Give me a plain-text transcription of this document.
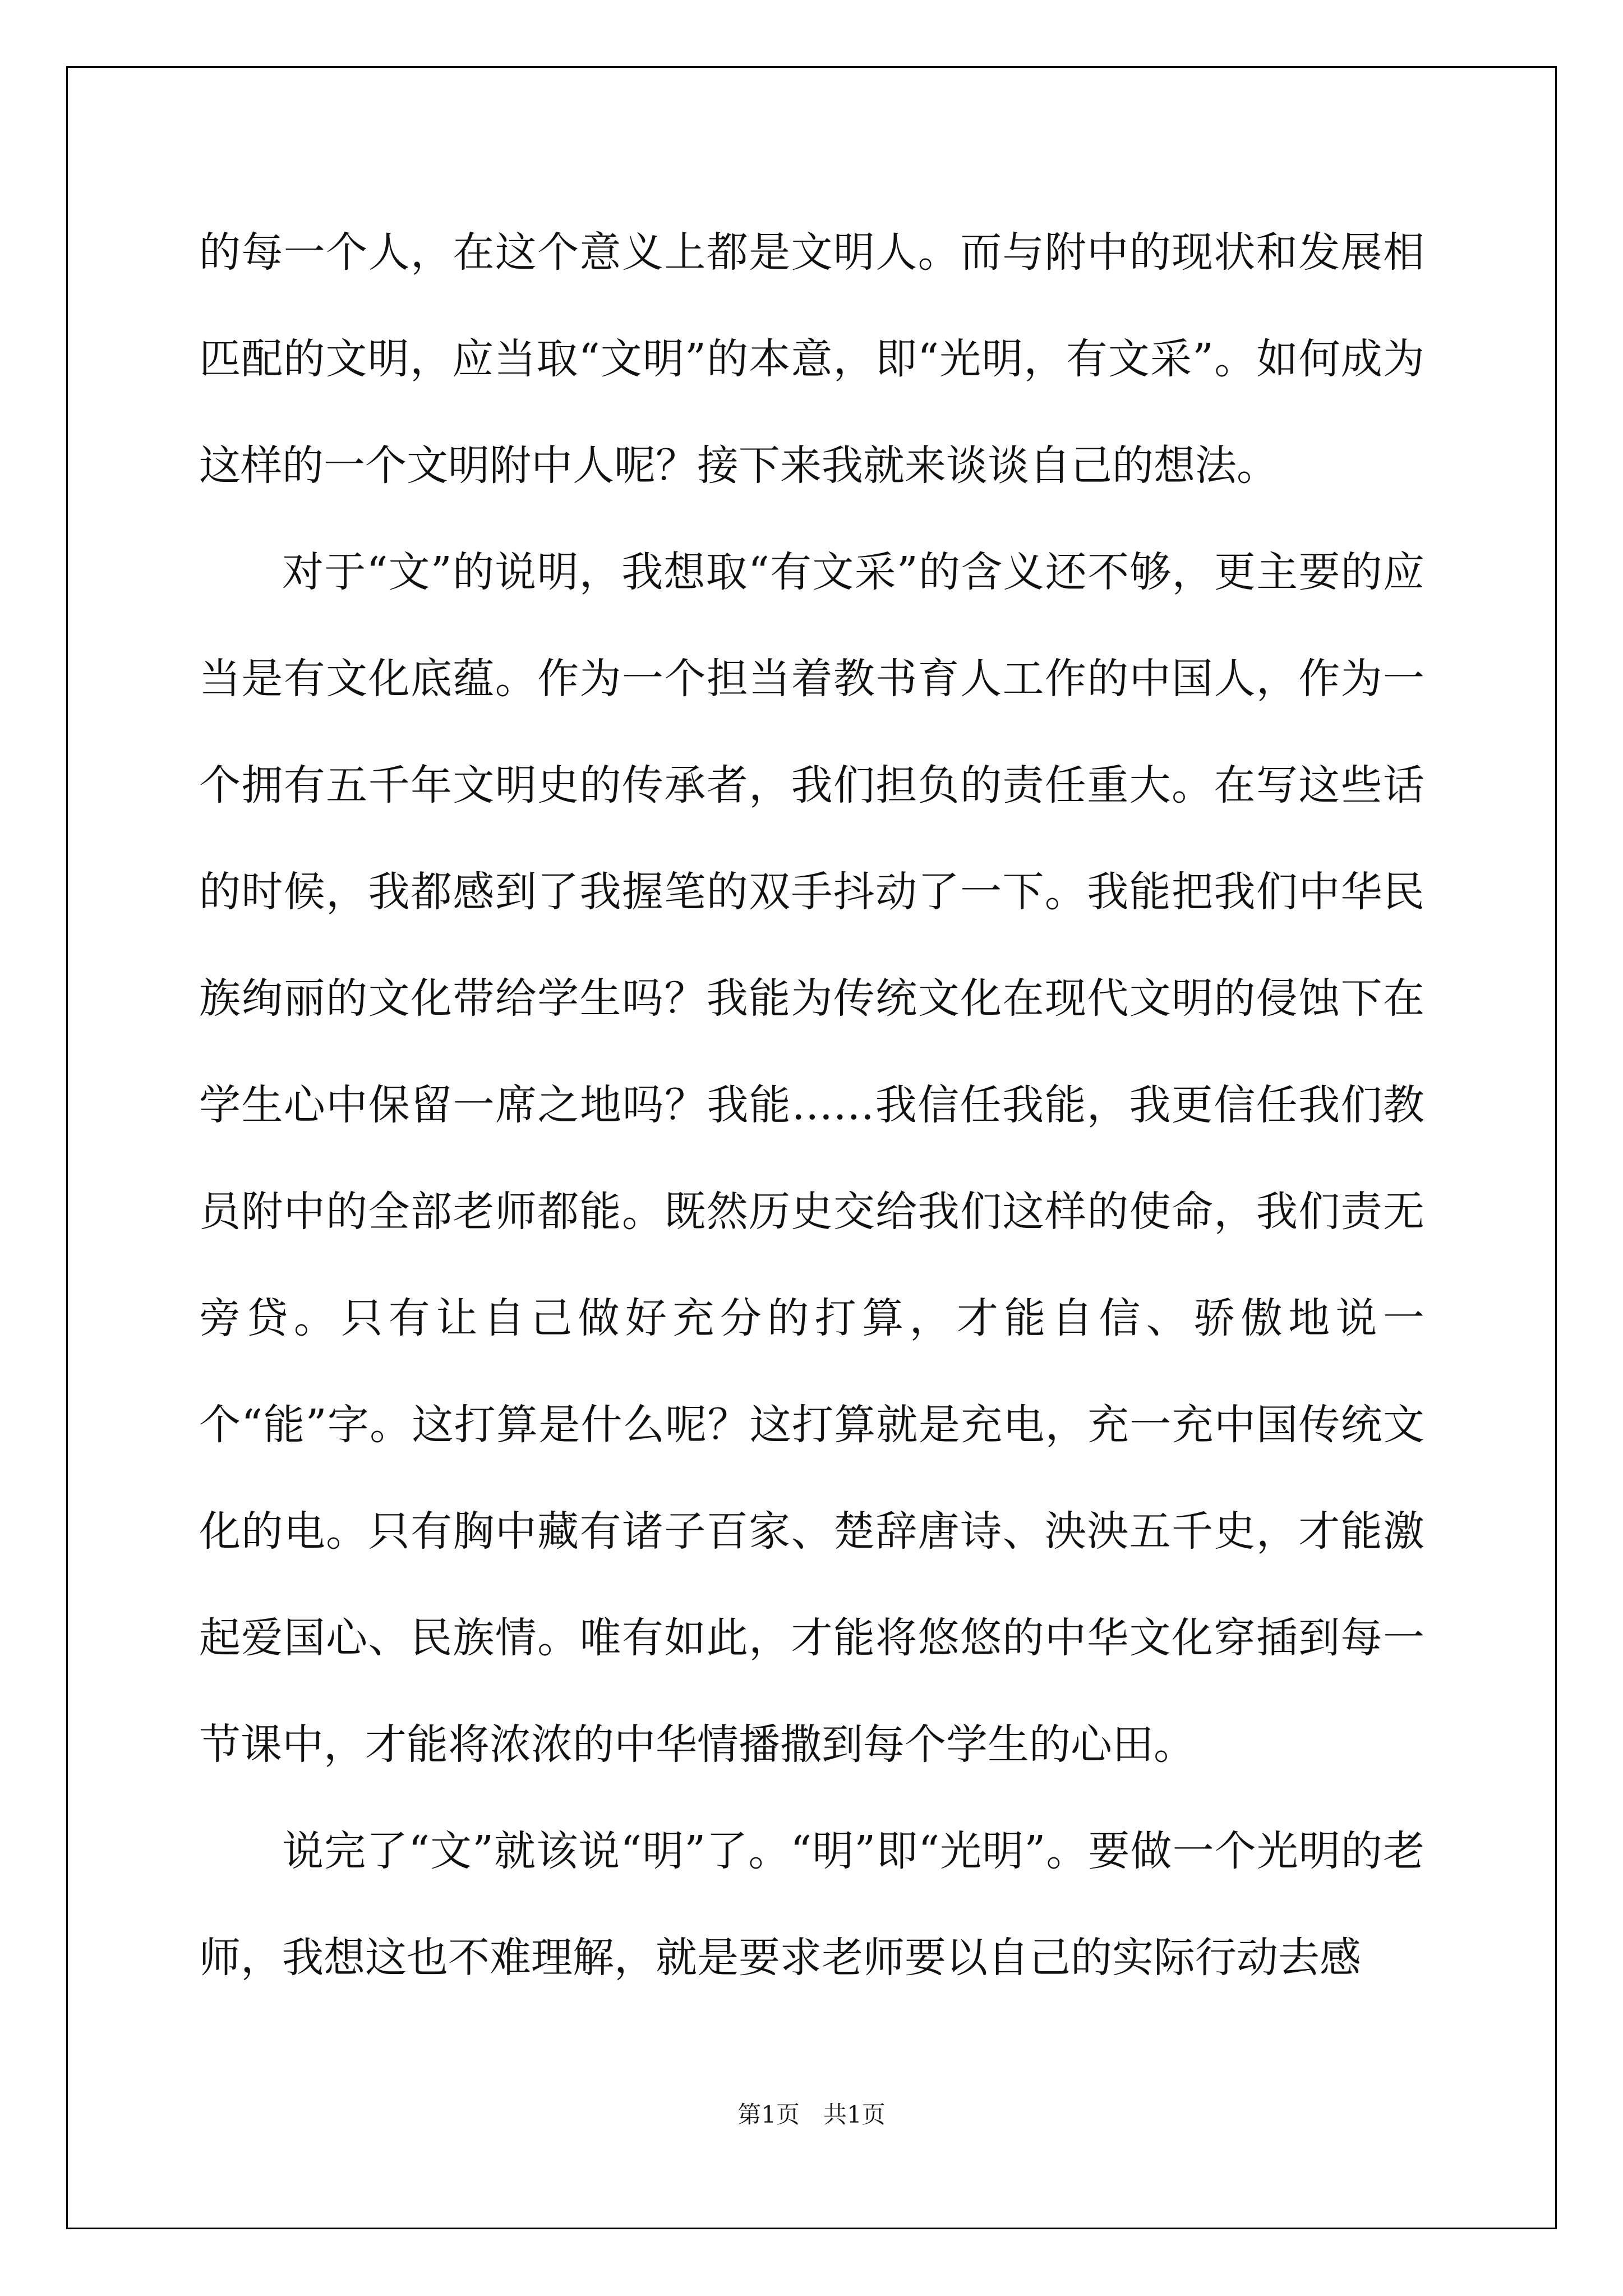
的每一个人，在这个意义上都是文明人。而与附中的现状和发展相匹配的文明，应当取“文明”的本意，即“光明，有文采”。如何成为这样的一个文明附中人呢？接下来我就来谈谈自己的想法。

对于“文”的说明，我想取“有文采”的含义还不够，更主要的应当是有文化底蕴。作为一个担当着教书育人工作的中国人，作为一个拥有五千年文明史的传承者，我们担负的责任重大。在写这些话的时候，我都感到了我握笔的双手抖动了一下。我能把我们中华民族绚丽的文化带给学生吗？我能为传统文化在现代文明的侵蚀下在学生心中保留一席之地吗？我能……我信任我能，我更信任我们教员附中的全部老师都能。既然历史交给我们这样的使命，我们责无旁贷。只有让自己做好充分的打算，才能自信、骄傲地说一个“能”字。这打算是什么呢？这打算就是充电，充一充中国传统文化的电。只有胸中藏有诸子百家、楚辞唐诗、泱泱五千史，才能激起爱国心、民族情。唯有如此，才能将悠悠的中华文化穿插到每一节课中，才能将浓浓的中华情播撒到每个学生的心田。

说完了“文”就该说“明”了。“明”即“光明”。要做一个光明的老师，我想这也不难理解，就是要求老师要以自己的实际行动去感

第1页　共1页
